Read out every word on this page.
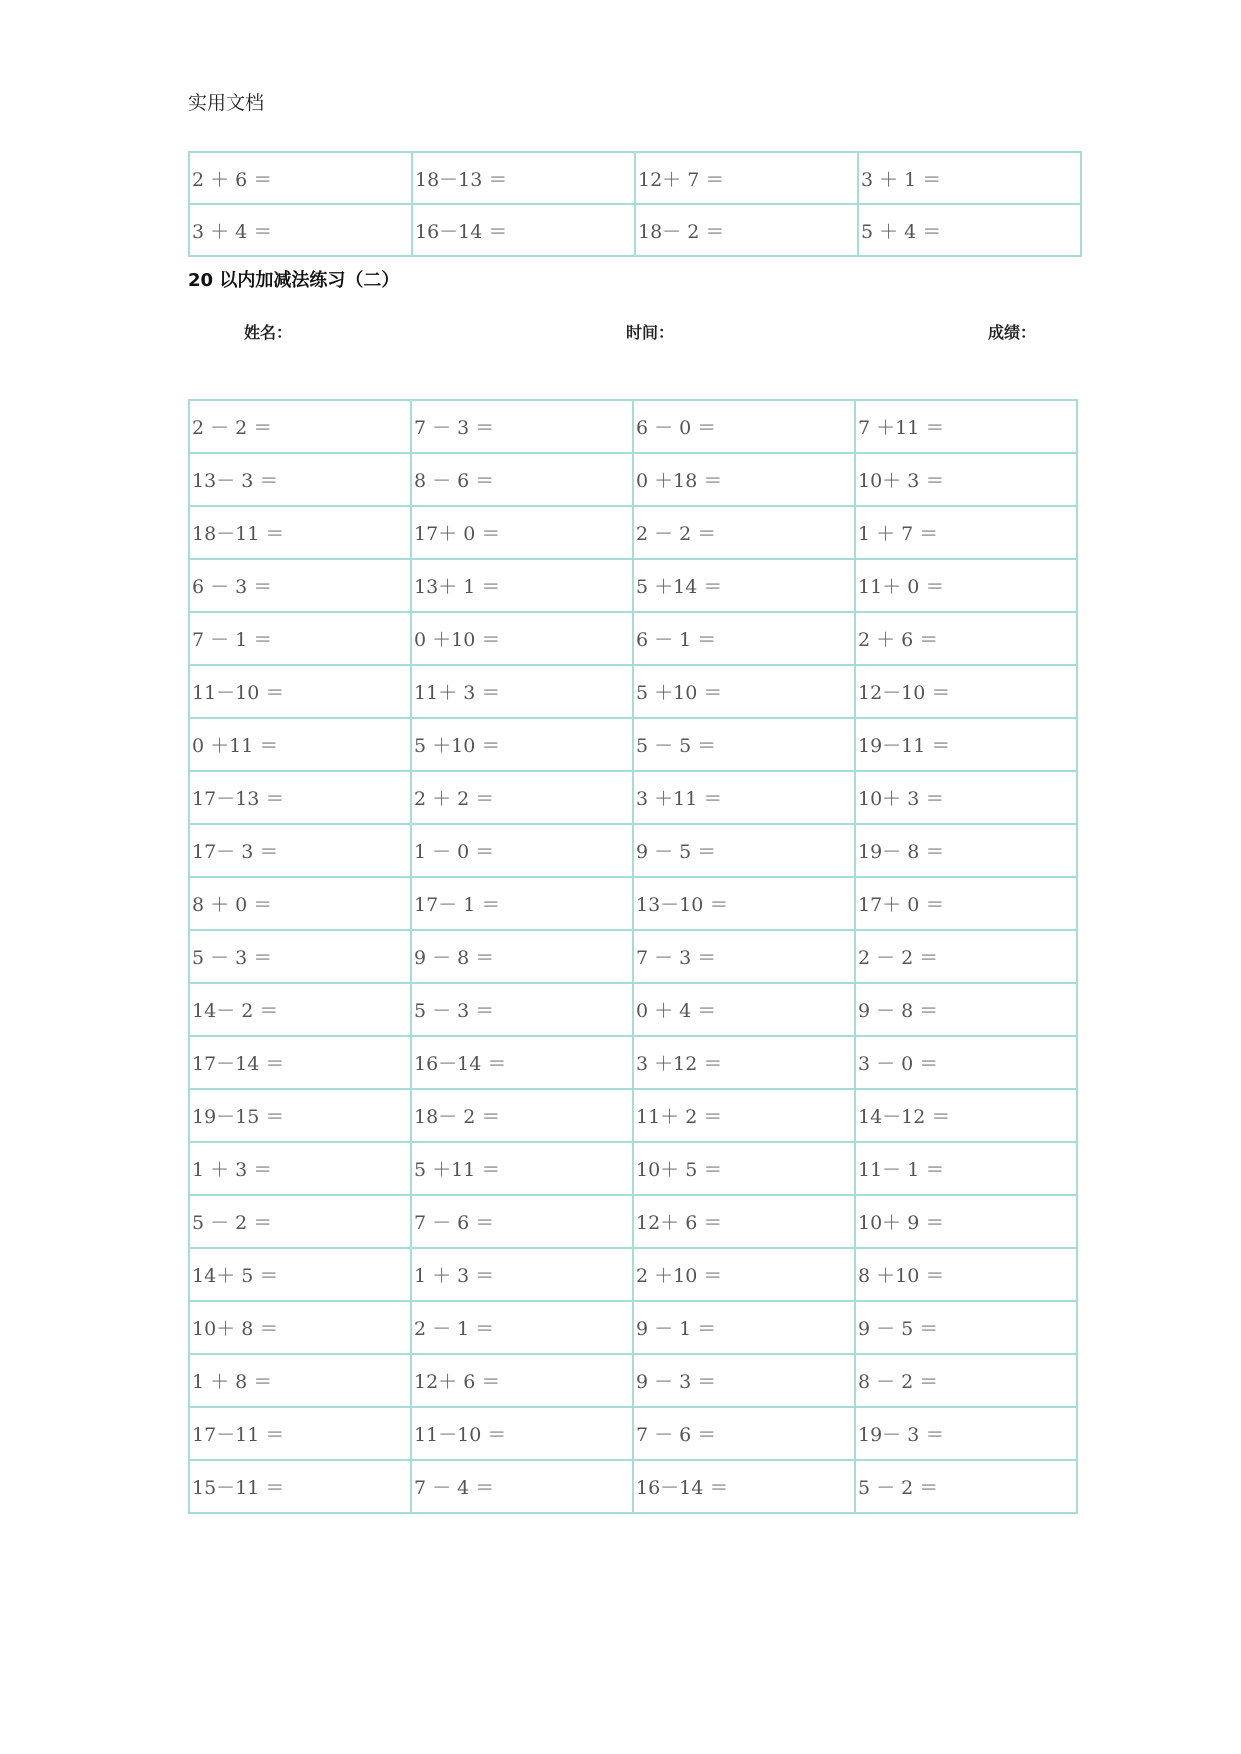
实用文档
2 ＋ 6 ＝	18－13 ＝	12＋ 7 ＝	3 ＋ 1 ＝
3 ＋ 4 ＝	16－14 ＝	18－ 2 ＝	5 ＋ 4 ＝
20 以内加减法练习（二）
姓名：	时间：	成绩：
2 － 2 ＝	7 － 3 ＝	6 － 0 ＝	7 ＋11 ＝
13－ 3 ＝	8 － 6 ＝	0 ＋18 ＝	10＋ 3 ＝
18－11 ＝	17＋ 0 ＝	2 － 2 ＝	1 ＋ 7 ＝
6 － 3 ＝	13＋ 1 ＝	5 ＋14 ＝	11＋ 0 ＝
7 － 1 ＝	0 ＋10 ＝	6 － 1 ＝	2 ＋ 6 ＝
11－10 ＝	11＋ 3 ＝	5 ＋10 ＝	12－10 ＝
0 ＋11 ＝	5 ＋10 ＝	5 － 5 ＝	19－11 ＝
17－13 ＝	2 ＋ 2 ＝	3 ＋11 ＝	10＋ 3 ＝
17－ 3 ＝	1 － 0 ＝	9 － 5 ＝	19－ 8 ＝
8 ＋ 0 ＝	17－ 1 ＝	13－10 ＝	17＋ 0 ＝
5 － 3 ＝	9 － 8 ＝	7 － 3 ＝	2 － 2 ＝
14－ 2 ＝	5 － 3 ＝	0 ＋ 4 ＝	9 － 8 ＝
17－14 ＝	16－14 ＝	3 ＋12 ＝	3 － 0 ＝
19－15 ＝	18－ 2 ＝	11＋ 2 ＝	14－12 ＝
1 ＋ 3 ＝	5 ＋11 ＝	10＋ 5 ＝	11－ 1 ＝
5 － 2 ＝	7 － 6 ＝	12＋ 6 ＝	10＋ 9 ＝
14＋ 5 ＝	1 ＋ 3 ＝	2 ＋10 ＝	8 ＋10 ＝
10＋ 8 ＝	2 － 1 ＝	9 － 1 ＝	9 － 5 ＝
1 ＋ 8 ＝	12＋ 6 ＝	9 － 3 ＝	8 － 2 ＝
17－11 ＝	11－10 ＝	7 － 6 ＝	19－ 3 ＝
15－11 ＝	7 － 4 ＝	16－14 ＝	5 － 2 ＝
